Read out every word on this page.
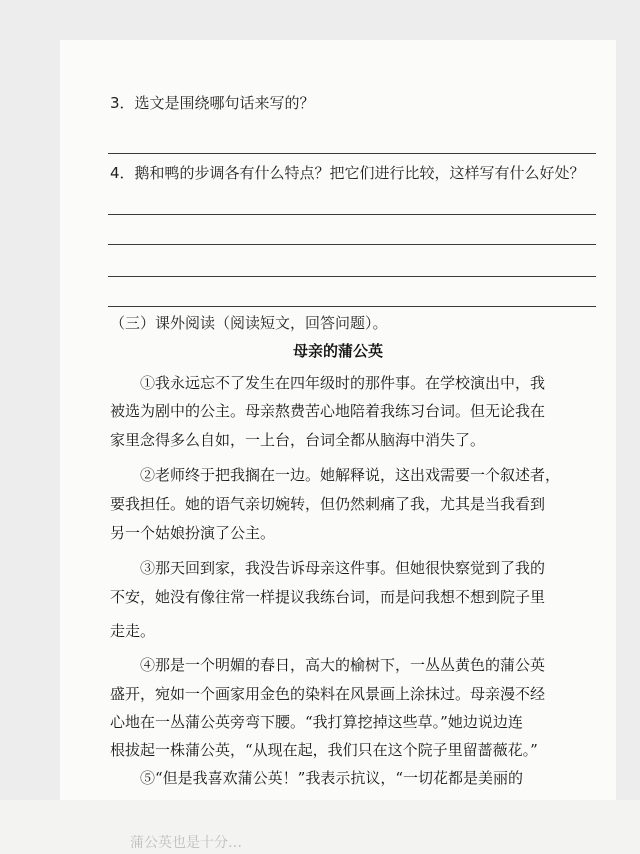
3．选文是围绕哪句话来写的？
4．鹅和鸭的步调各有什么特点？把它们进行比较，这样写有什么好处？
（三）课外阅读（阅读短文，回答问题）。
母亲的蒲公英
①我永远忘不了发生在四年级时的那件事。在学校演出中，我
被选为剧中的公主。母亲熬费苦心地陪着我练习台词。但无论我在
家里念得多么自如，一上台，台词全都从脑海中消失了。
②老师终于把我搁在一边。她解释说，这出戏需要一个叙述者，
要我担任。她的语气亲切婉转，但仍然刺痛了我，尤其是当我看到
另一个姑娘扮演了公主。
③那天回到家，我没告诉母亲这件事。但她很快察觉到了我的
不安，她没有像往常一样提议我练台词，而是问我想不想到院子里
走走。
④那是一个明媚的春日，高大的榆树下，一丛丛黄色的蒲公英
盛开，宛如一个画家用金色的染料在风景画上涂抹过。母亲漫不经
心地在一丛蒲公英旁弯下腰。“我打算挖掉这些草。”她边说边连
根拔起一株蒲公英，“从现在起，我们只在这个院子里留蔷薇花。”
⑤“但是我喜欢蒲公英！”我表示抗议，“一切花都是美丽的
蒲公英也是十分…
